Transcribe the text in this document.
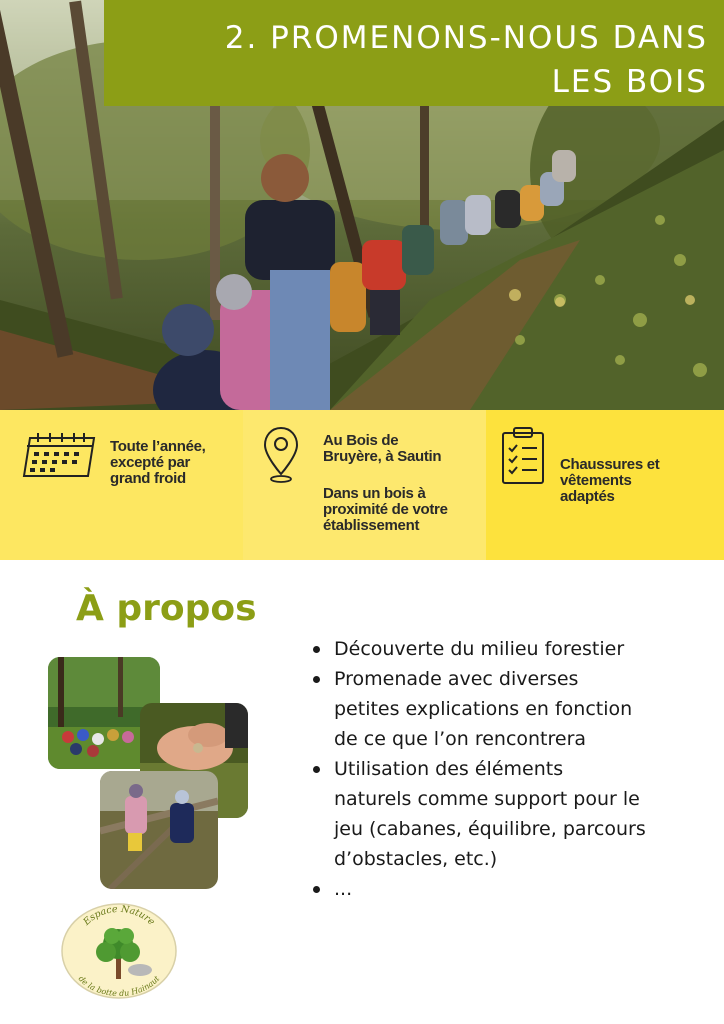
2. PROMENONS-NOUS DANS
LES BOIS
Toute l’année,
excepté par
grand froid
Au Bois de
Bruyère, à Sautin
Dans un bois à
proximité de votre
établissement
Chaussures et
vêtements
adaptés
À propos
Découverte du milieu forestier
Promenade avec diverses
petites explications en fonction
de ce que l’on rencontrera
Utilisation des éléments
naturels comme support pour le
jeu (cabanes, équilibre, parcours
d’obstacles, etc.)
...
Espace Nature
de la botte du Hainaut
